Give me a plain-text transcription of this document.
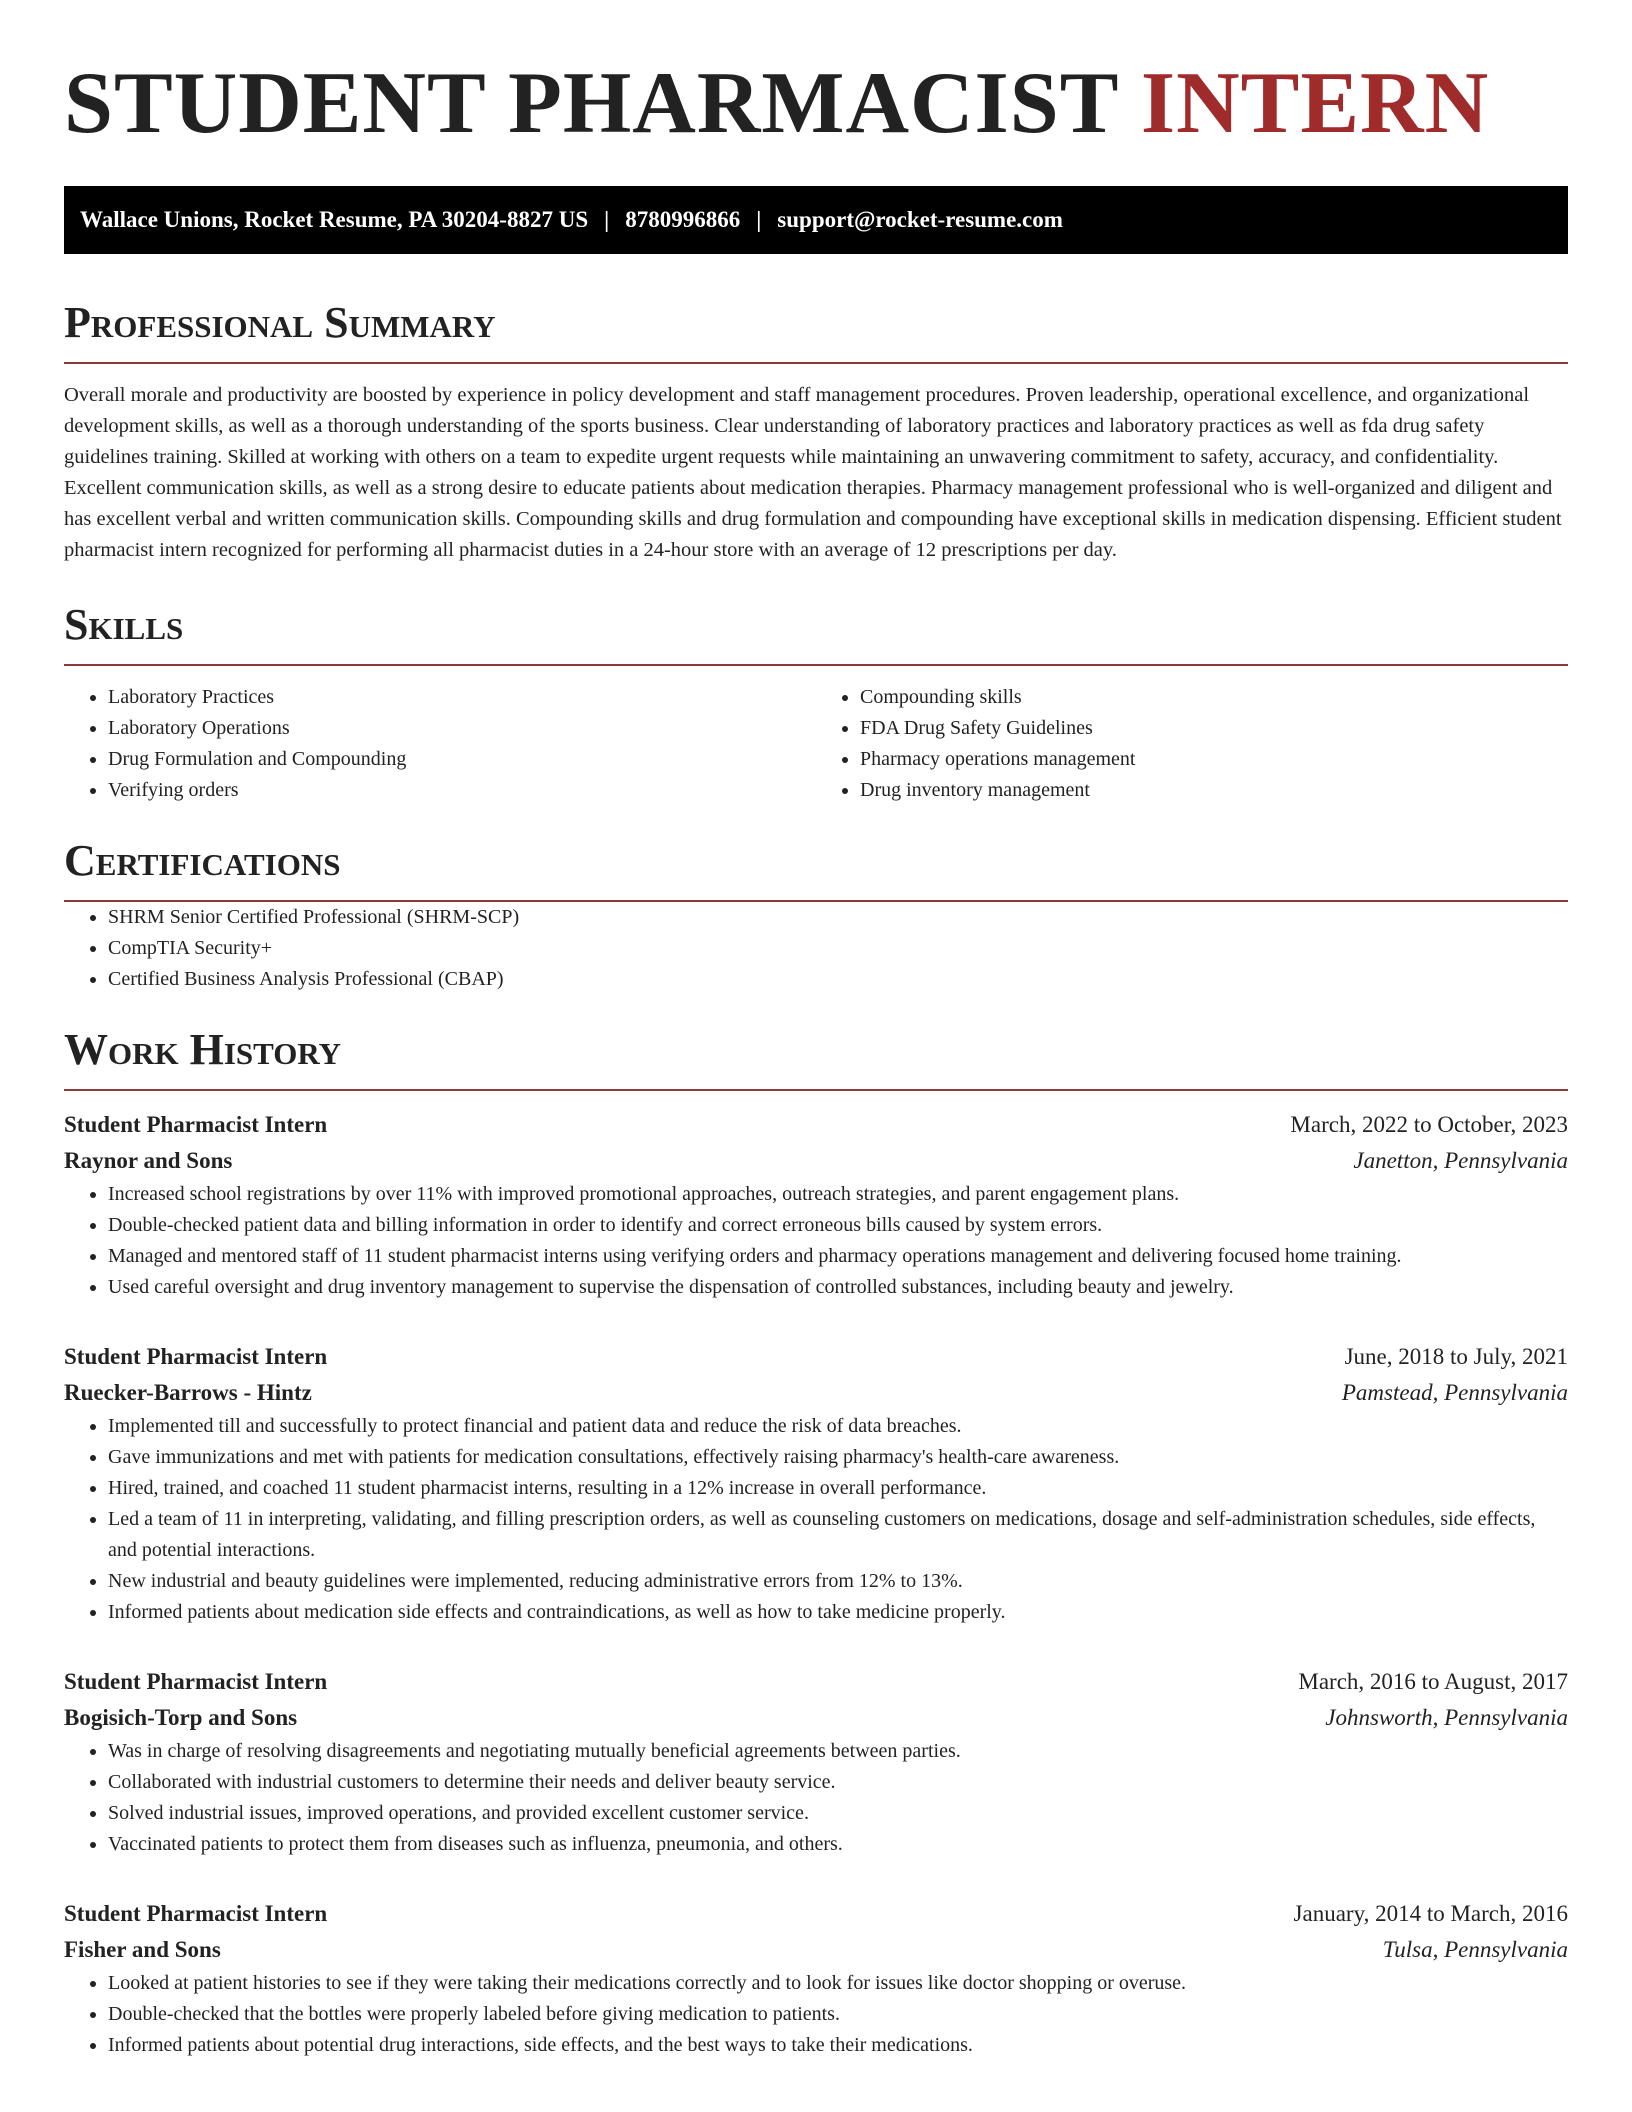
STUDENT PHARMACIST INTERN
Wallace Unions, Rocket Resume, PA 30204-8827 US | 8780996866 | support@rocket-resume.com
Professional Summary

Overall morale and productivity are boosted by experience in policy development and staff management procedures. Proven leadership, operational excellence, and organizational development skills, as well as a thorough understanding of the sports business. Clear understanding of laboratory practices and laboratory practices as well as fda drug safety guidelines training. Skilled at working with others on a team to expedite urgent requests while maintaining an unwavering commitment to safety, accuracy, and confidentiality. Excellent communication skills, as well as a strong desire to educate patients about medication therapies. Pharmacy management professional who is well-organized and diligent and has excellent verbal and written communication skills. Compounding skills and drug formulation and compounding have exceptional skills in medication dispensing. Efficient student pharmacist intern recognized for performing all pharmacist duties in a 24-hour store with an average of 12 prescriptions per day.

Skills
• Laboratory Practices
• Laboratory Operations
• Drug Formulation and Compounding
• Verifying orders
• Compounding skills
• FDA Drug Safety Guidelines
• Pharmacy operations management
• Drug inventory management
Certifications
• SHRM Senior Certified Professional (SHRM-SCP)
• CompTIA Security+
• Certified Business Analysis Professional (CBAP)
Work History
Student Pharmacist Intern	March, 2022 to October, 2023
Raynor and Sons	Janetton, Pennsylvania
• Increased school registrations by over 11% with improved promotional approaches, outreach strategies, and parent engagement plans.
• Double-checked patient data and billing information in order to identify and correct erroneous bills caused by system errors.
• Managed and mentored staff of 11 student pharmacist interns using verifying orders and pharmacy operations management and delivering focused home training.
• Used careful oversight and drug inventory management to supervise the dispensation of controlled substances, including beauty and jewelry.
Student Pharmacist Intern	June, 2018 to July, 2021
Ruecker-Barrows - Hintz	Pamstead, Pennsylvania
• Implemented till and successfully to protect financial and patient data and reduce the risk of data breaches.
• Gave immunizations and met with patients for medication consultations, effectively raising pharmacy's health-care awareness.
• Hired, trained, and coached 11 student pharmacist interns, resulting in a 12% increase in overall performance.
• Led a team of 11 in interpreting, validating, and filling prescription orders, as well as counseling customers on medications, dosage and self-administration schedules, side effects, and potential interactions.
• New industrial and beauty guidelines were implemented, reducing administrative errors from 12% to 13%.
• Informed patients about medication side effects and contraindications, as well as how to take medicine properly.
Student Pharmacist Intern	March, 2016 to August, 2017
Bogisich-Torp and Sons	Johnsworth, Pennsylvania
• Was in charge of resolving disagreements and negotiating mutually beneficial agreements between parties.
• Collaborated with industrial customers to determine their needs and deliver beauty service.
• Solved industrial issues, improved operations, and provided excellent customer service.
• Vaccinated patients to protect them from diseases such as influenza, pneumonia, and others.
Student Pharmacist Intern	January, 2014 to March, 2016
Fisher and Sons	Tulsa, Pennsylvania
• Looked at patient histories to see if they were taking their medications correctly and to look for issues like doctor shopping or overuse.
• Double-checked that the bottles were properly labeled before giving medication to patients.
• Informed patients about potential drug interactions, side effects, and the best ways to take their medications.
